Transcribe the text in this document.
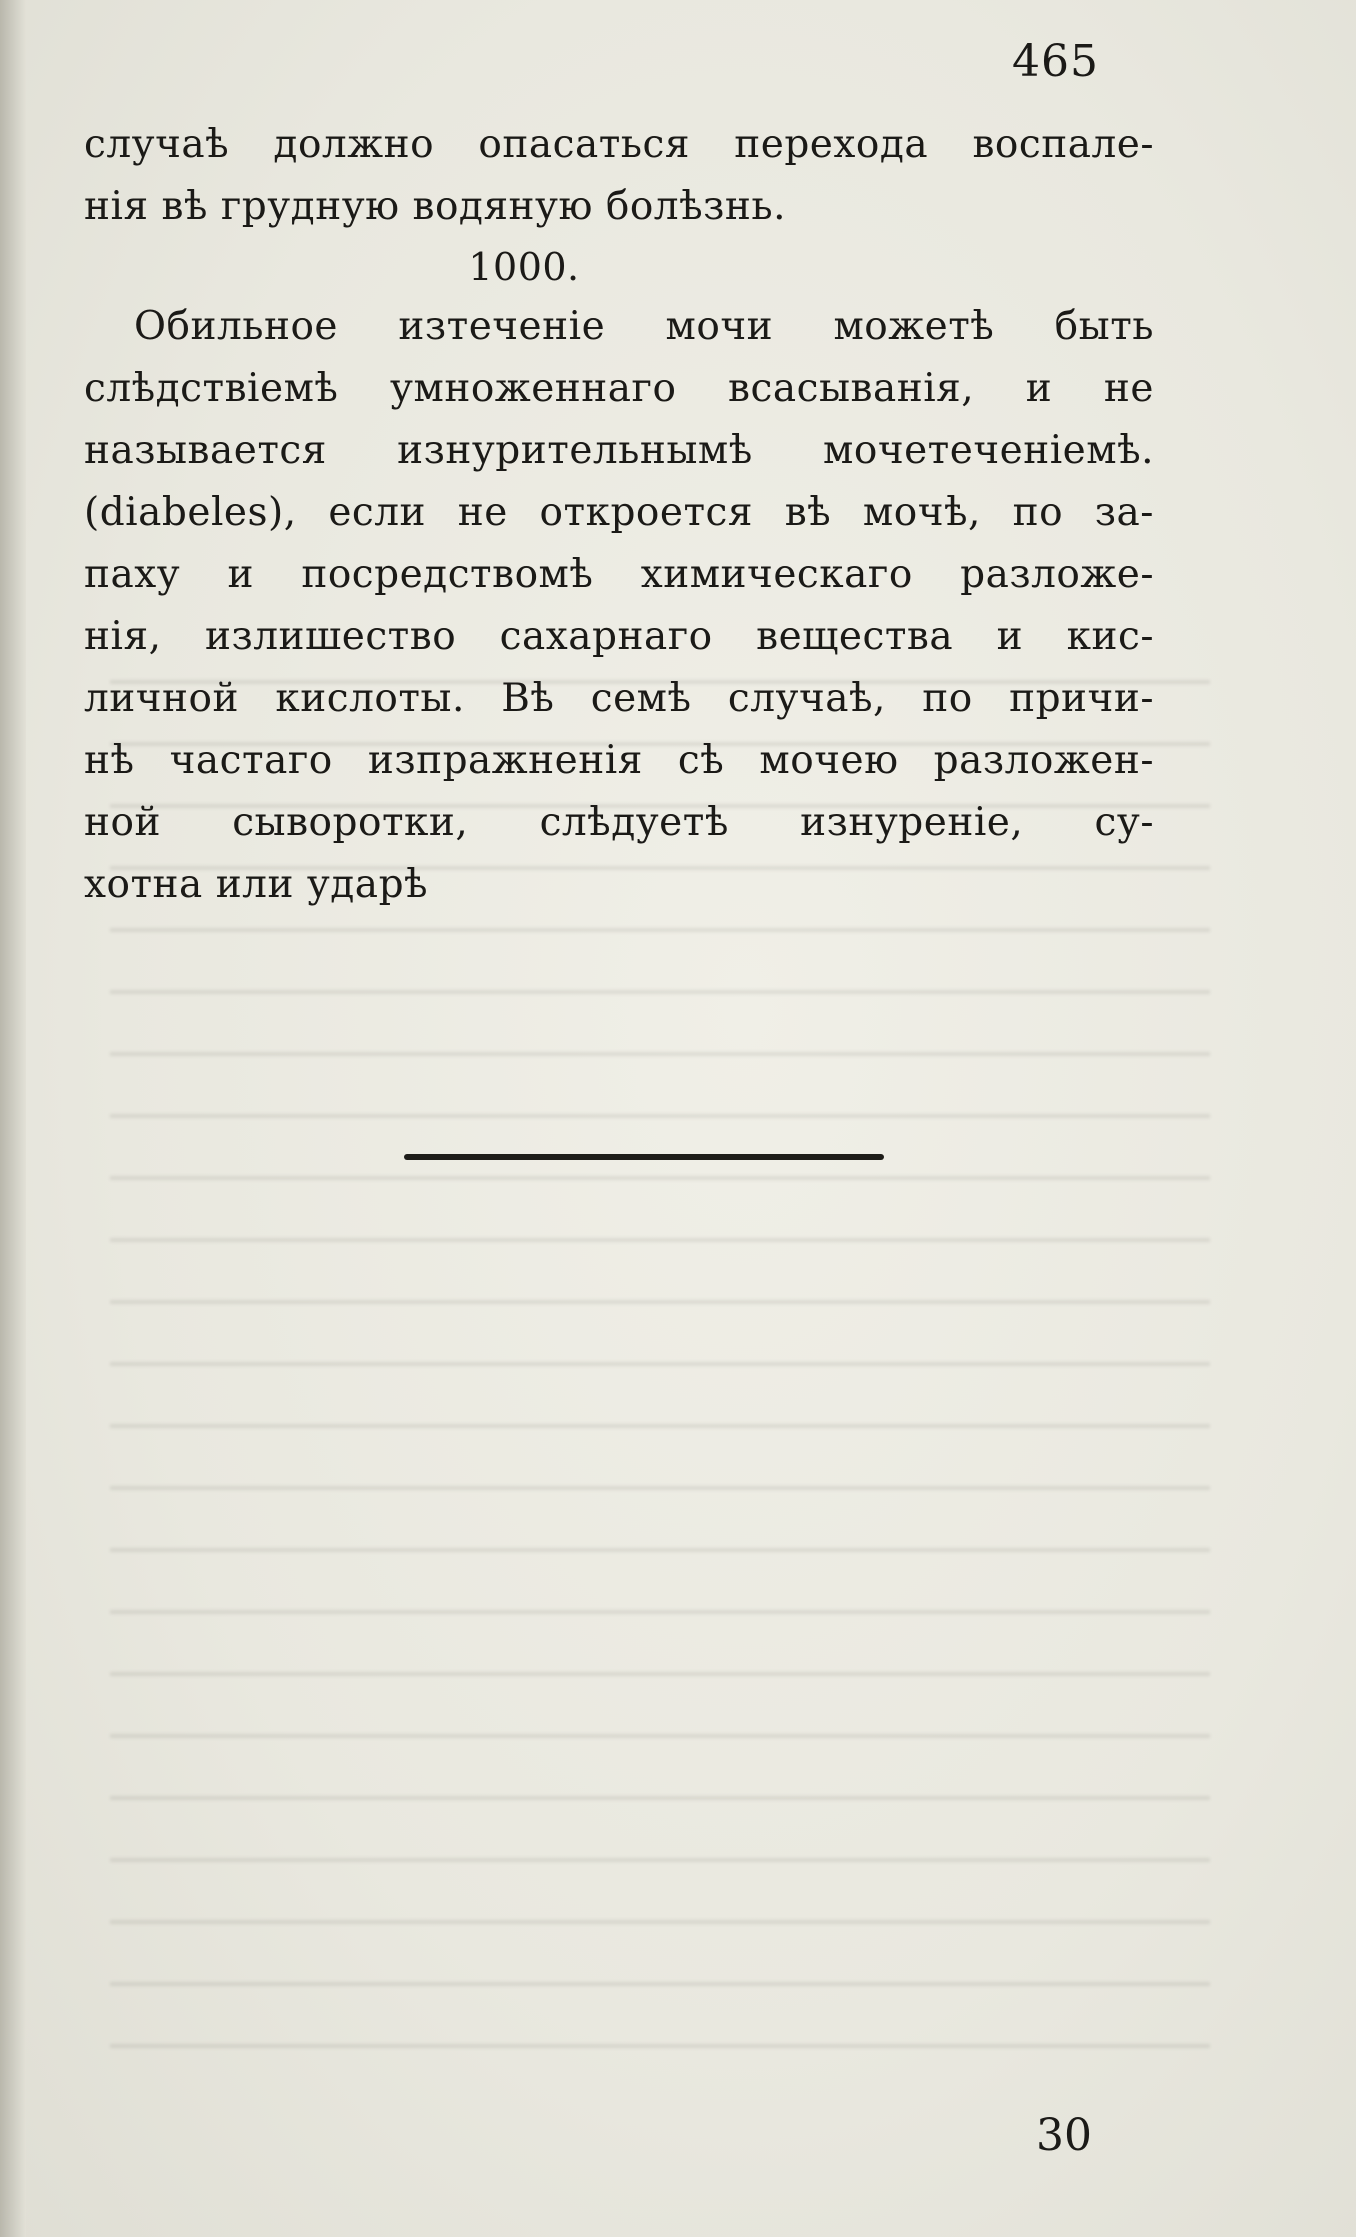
465
случаѣ должно опасаться перехода воспале-
нія вѣ грудную водяную болѣзнь.
1000.
Обильное изтеченіе мочи можетѣ быть
слѣдствіемѣ умноженнаго всасыванія, и не
называется изнурительнымѣ мочетеченіемѣ.
(diabeles), если не откроется вѣ мочѣ, по за-
паху и посредствомѣ химическаго разложе-
нія, излишество сахарнаго вещества и кис-
личной кислоты. Вѣ семѣ случаѣ, по причи-
нѣ частаго изпражненія сѣ мочею разложен-
ной сыворотки, слѣдуетѣ изнуреніе, су-
хотна или ударѣ
30
